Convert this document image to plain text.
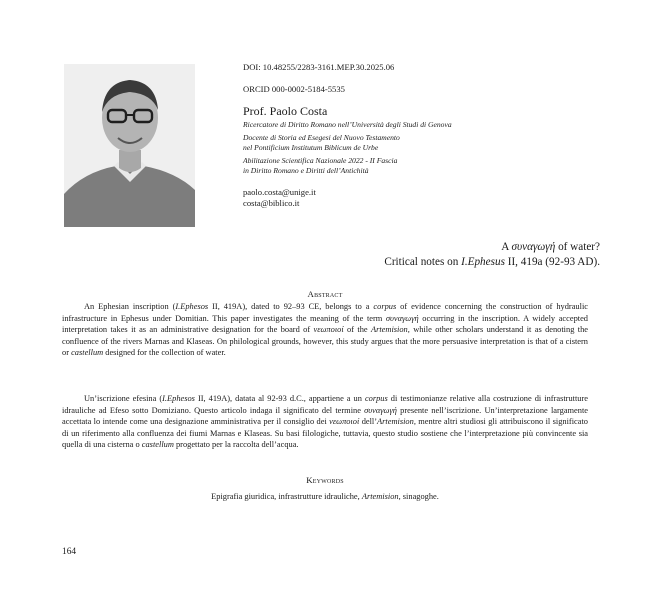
DOI: 10.48255/2283-3161.MEP.30.2025.06
ORCID 000-0002-5184-5535
Prof. Paolo Costa
Ricercatore di Diritto Romano nell’Università degli Studi di Genova
Docente di Storia ed Esegesi del Nuovo Testamento
nel Pontificium Institutum Biblicum de Urbe
Abilitazione Scientifica Nazionale 2022 - II Fascia
in Diritto Romano e Diritti dell’Antichità
paolo.costa@unige.it
costa@biblico.it
A συναγωγή of water?
Critical notes on I.Ephesus II, 419a (92-93 AD).
Abstract

An Ephesian inscription (I.Ephesos II, 419A), dated to 92–93 CE, belongs to a corpus of evidence concerning the construction of hydraulic infrastructure in Ephesus under Domitian. This paper investigates the meaning of the term συναγωγή occurring in the inscription. A widely accepted interpretation takes it as an administrative designation for the board of νεωποιοί of the Artemision, while other scholars understand it as denoting the confluence of the rivers Marnas and Klaseas. On philological grounds, however, this study argues that the more persuasive interpretation is that of a cistern or castellum designed for the collection of water.

Un’iscrizione efesina (I.Ephesos II, 419A), datata al 92-93 d.C., appartiene a un corpus di testimonianze relative alla costruzione di infrastrutture idrauliche ad Efeso sotto Domiziano. Questo articolo indaga il significato del termine συναγωγή presente nell’iscrizione. Un’interpretazione largamente accettata lo intende come una designazione amministrativa per il consiglio dei νεωποιοί dell’Artemision, mentre altri studiosi gli attribuiscono il significato di un riferimento alla confluenza dei fiumi Marnas e Klaseas. Su basi filologiche, tuttavia, questo studio sostiene che l’interpretazione più convincente sia quella di una cisterna o castellum progettato per la raccolta dell’acqua.

Keywords
Epigrafia giuridica, infrastrutture idrauliche, Artemision, sinagoghe.
164
